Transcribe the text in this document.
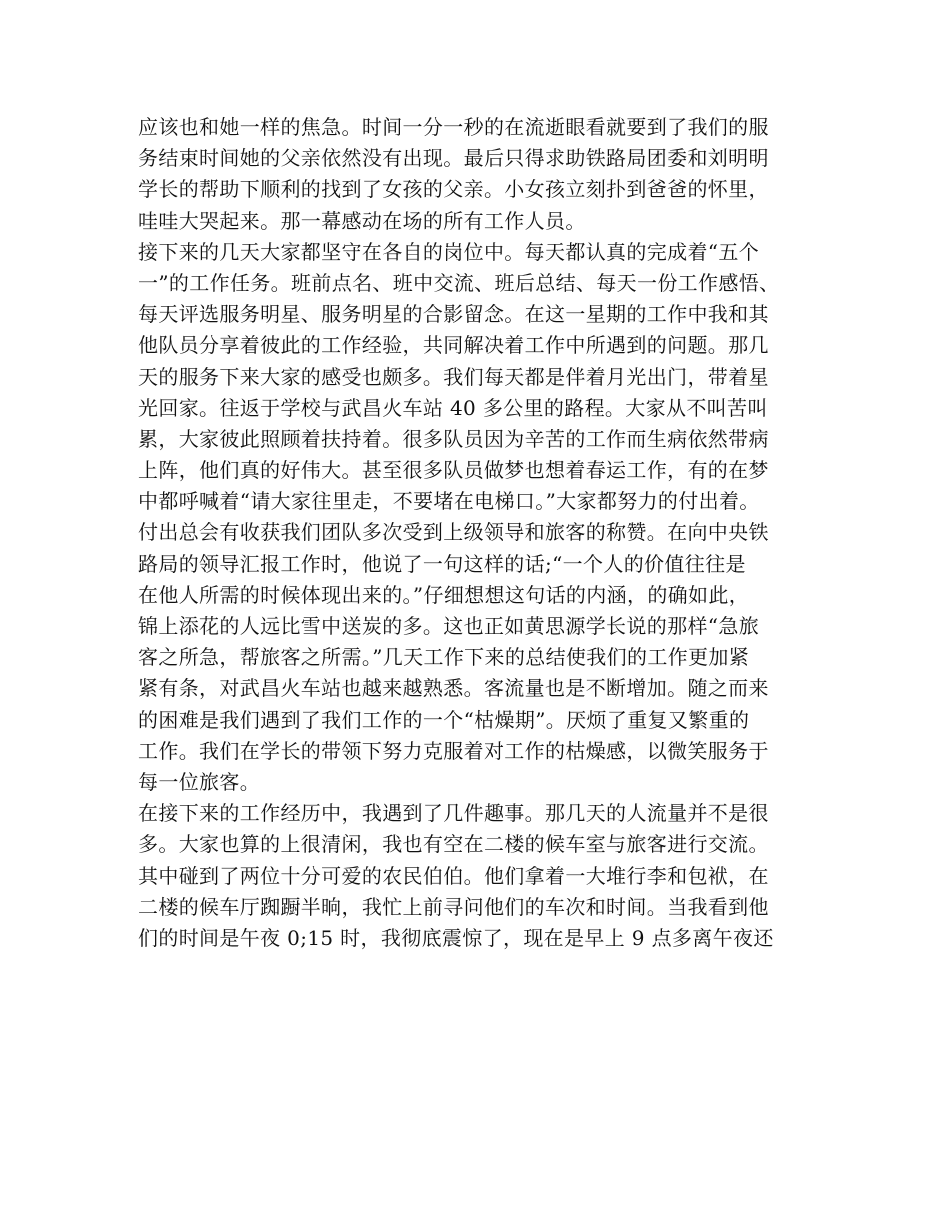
应该也和她一样的焦急。时间一分一秒的在流逝眼看就要到了我们的服
务结束时间她的父亲依然没有出现。最后只得求助铁路局团委和刘明明
学长的帮助下顺利的找到了女孩的父亲。小女孩立刻扑到爸爸的怀里，
哇哇大哭起来。那一幕感动在场的所有工作人员。
接下来的几天大家都坚守在各自的岗位中。每天都认真的完成着“五个
一”的工作任务。班前点名、班中交流、班后总结、每天一份工作感悟、
每天评选服务明星、服务明星的合影留念。在这一星期的工作中我和其
他队员分享着彼此的工作经验，共同解决着工作中所遇到的问题。那几
天的服务下来大家的感受也颇多。我们每天都是伴着月光出门，带着星
光回家。往返于学校与武昌火车站 40 多公里的路程。大家从不叫苦叫
累，大家彼此照顾着扶持着。很多队员因为辛苦的工作而生病依然带病
上阵，他们真的好伟大。甚至很多队员做梦也想着春运工作，有的在梦
中都呼喊着“请大家往里走，不要堵在电梯口。”大家都努力的付出着。
付出总会有收获我们团队多次受到上级领导和旅客的称赞。在向中央铁
路局的领导汇报工作时，他说了一句这样的话;“一个人的价值往往是
在他人所需的时候体现出来的。”仔细想想这句话的内涵，的确如此，
锦上添花的人远比雪中送炭的多。这也正如黄思源学长说的那样“急旅
客之所急，帮旅客之所需。”几天工作下来的总结使我们的工作更加紧
紧有条，对武昌火车站也越来越熟悉。客流量也是不断增加。随之而来
的困难是我们遇到了我们工作的一个“枯燥期”。厌烦了重复又繁重的
工作。我们在学长的带领下努力克服着对工作的枯燥感，以微笑服务于
每一位旅客。
在接下来的工作经历中，我遇到了几件趣事。那几天的人流量并不是很
多。大家也算的上很清闲，我也有空在二楼的候车室与旅客进行交流。
其中碰到了两位十分可爱的农民伯伯。他们拿着一大堆行李和包袱，在
二楼的候车厅踟蹰半晌，我忙上前寻问他们的车次和时间。当我看到他
们的时间是午夜 0;15 时，我彻底震惊了，现在是早上 9 点多离午夜还
